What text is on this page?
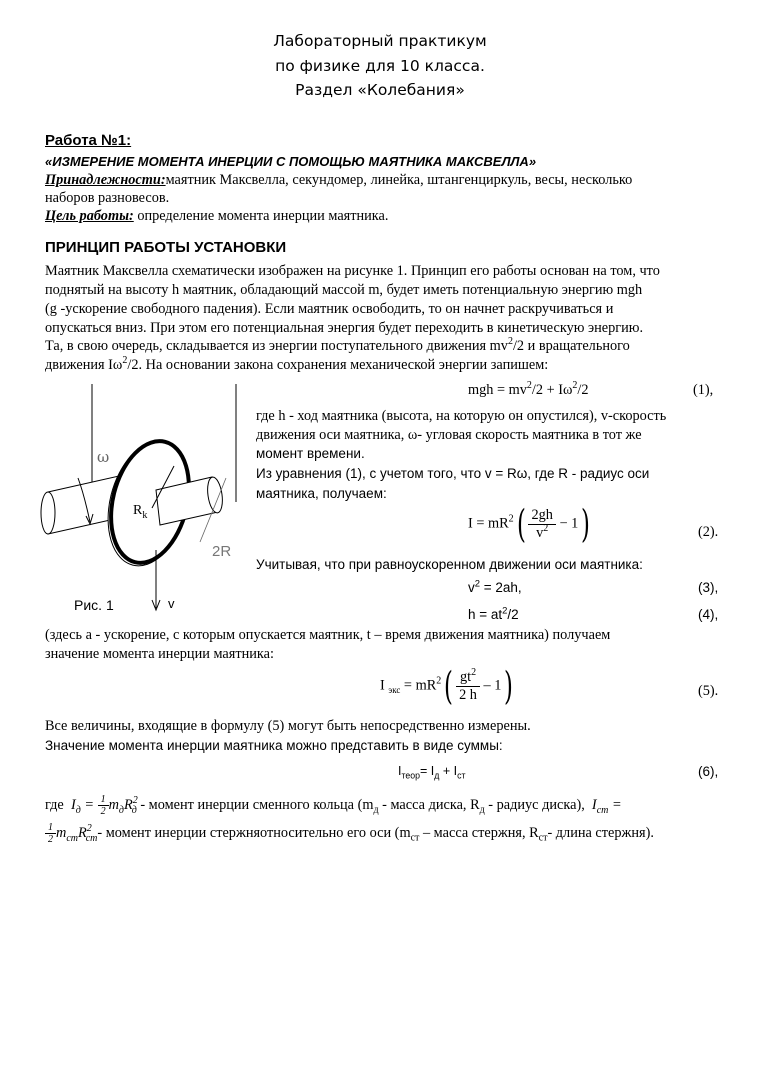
Лабораторный практикум
по физике для 10 класса.
Раздел «Колебания»
Работа №1:
«ИЗМЕРЕНИЕ МОМЕНТА ИНЕРЦИИ С ПОМОЩЬЮ МАЯТНИКА МАКСВЕЛЛА»
Принадлежности:маятник Максвелла, секундомер, линейка, штангенциркуль, весы, несколько
наборов разновесов.
Цель работы: определение момента инерции маятника.
ПРИНЦИП РАБОТЫ УСТАНОВКИ
Маятник Максвелла схематически изображен на рисунке 1. Принцип его работы основан на том, что
поднятый на высоту h маятник, обладающий массой m, будет иметь потенциальную энергию mgh
(g -ускорение свободного падения). Если маятник освободить, то он начнет раскручиваться и
опускаться вниз. При этом его потенциальная энергия будет переходить в кинетическую энергию.
Та, в свою очередь, складывается из энергии поступательного движения $mv^2/2$ и вращательного
движения $I\omega^2/2$. На основании закона сохранения механической энергии запишем:
mgh = $mv^2/2 + I\omega^2/2$	(1),
ω
$R_k$
2R
v
Рис. 1
где h - ход маятника (высота, на которую он опустился), v-скорость
движения оси маятника, ω- угловая скорость маятника в тот же
момент времени.
Из уравнения (1), с учетом того, что v = Rω, где R - радиус оси
маятника, получаем:
$I = mR^2( \frac{2gh}{v^2} - 1)$	(2).
Учитывая, что при равноускоренном движении оси маятника:
$v^2 = 2ah$,	(3),
$h = at^2/2$	(4),
(здесь a - ускорение, с которым опускается маятник, t – время движения маятника) получаем
значение момента инерции маятника:
I $_{экс} = mR^2( \frac{gt^2}{2 h} - 1)$	(5).
Все величины, входящие в формулу (5) могут быть непосредственно измерены.
Значение момента инерции маятника можно представить в виде суммы:
$I_{теор}= I_д + I_{ст}$	(6),
где $I_д = \frac{1}{2} m_дR^2_д$ - момент инерции сменного кольца ($m_д$ - масса диска, $R_д$ - радиус диска),  $I_{ст}$ =
$\frac{1}{2} m_{ст}R^2_{ст}-$ момент инерции стержняотносительно его оси ($m_{ст}$ – масса стержня, $R_{ст}-$ длина стержня).
